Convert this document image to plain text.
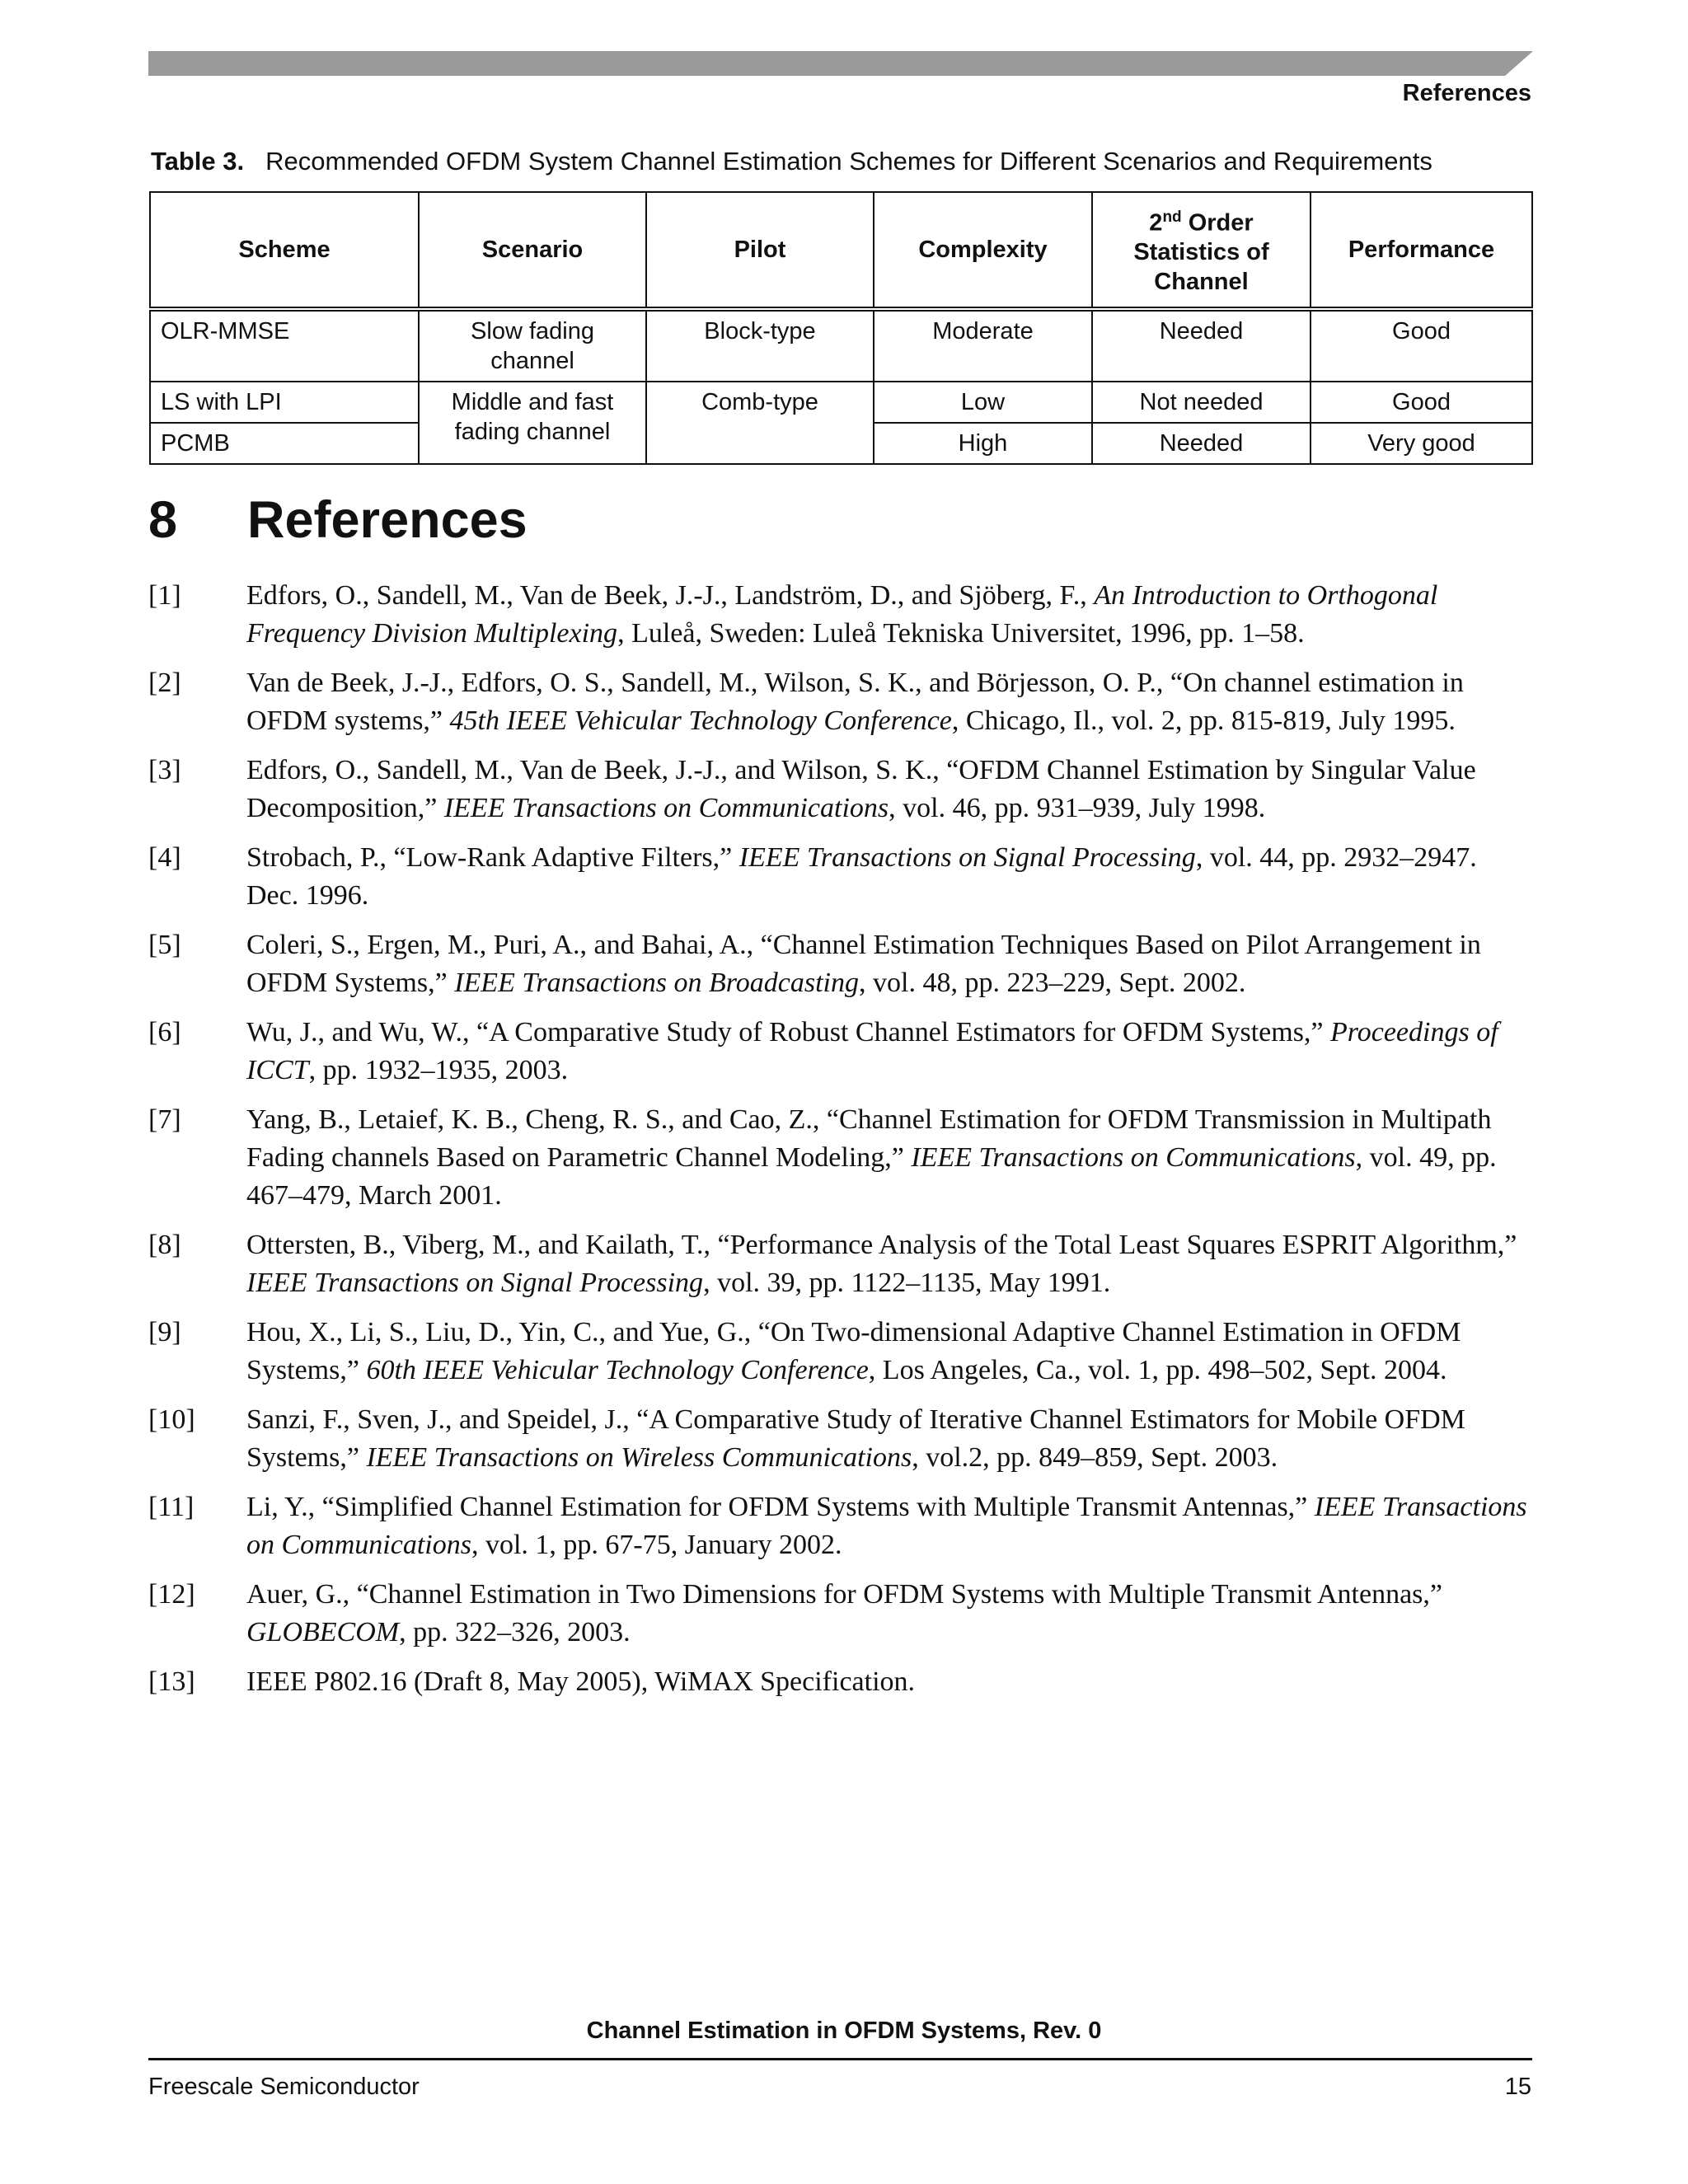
References
Table 3. Recommended OFDM System Channel Estimation Schemes for Different Scenarios and Requirements
Scheme	Scenario	Pilot	Complexity	2nd Order Statistics of Channel	Performance
OLR-MMSE	Slow fading channel	Block-type	Moderate	Needed	Good
LS with LPI	Middle and fast fading channel	Comb-type	Low	Not needed	Good
PCMB			High	Needed	Very good
8 References
[1] Edfors, O., Sandell, M., Van de Beek, J.-J., Landström, D., and Sjöberg, F., An Introduction to Orthogonal Frequency Division Multiplexing, Luleå, Sweden: Luleå Tekniska Universitet, 1996, pp. 1–58.
[2] Van de Beek, J.-J., Edfors, O. S., Sandell, M., Wilson, S. K., and Börjesson, O. P., “On channel estimation in OFDM systems,” 45th IEEE Vehicular Technology Conference, Chicago, Il., vol. 2, pp. 815-819, July 1995.
[3] Edfors, O., Sandell, M., Van de Beek, J.-J., and Wilson, S. K., “OFDM Channel Estimation by Singular Value Decomposition,” IEEE Transactions on Communications, vol. 46, pp. 931–939, July 1998.
[4] Strobach, P., “Low-Rank Adaptive Filters,” IEEE Transactions on Signal Processing, vol. 44, pp. 2932–2947. Dec. 1996.
[5] Coleri, S., Ergen, M., Puri, A., and Bahai, A., “Channel Estimation Techniques Based on Pilot Arrangement in OFDM Systems,” IEEE Transactions on Broadcasting, vol. 48, pp. 223–229, Sept. 2002.
[6] Wu, J., and Wu, W., “A Comparative Study of Robust Channel Estimators for OFDM Systems,” Proceedings of ICCT, pp. 1932–1935, 2003.
[7] Yang, B., Letaief, K. B., Cheng, R. S., and Cao, Z., “Channel Estimation for OFDM Transmission in Multipath Fading channels Based on Parametric Channel Modeling,” IEEE Transactions on Communications, vol. 49, pp. 467–479, March 2001.
[8] Ottersten, B., Viberg, M., and Kailath, T., “Performance Analysis of the Total Least Squares ESPRIT Algorithm,” IEEE Transactions on Signal Processing, vol. 39, pp. 1122–1135, May 1991.
[9] Hou, X., Li, S., Liu, D., Yin, C., and Yue, G., “On Two-dimensional Adaptive Channel Estimation in OFDM Systems,” 60th IEEE Vehicular Technology Conference, Los Angeles, Ca., vol. 1, pp. 498–502, Sept. 2004.
[10] Sanzi, F., Sven, J., and Speidel, J., “A Comparative Study of Iterative Channel Estimators for Mobile OFDM Systems,” IEEE Transactions on Wireless Communications, vol.2, pp. 849–859, Sept. 2003.
[11] Li, Y., “Simplified Channel Estimation for OFDM Systems with Multiple Transmit Antennas,” IEEE Transactions on Communications, vol. 1, pp. 67-75, January 2002.
[12] Auer, G., “Channel Estimation in Two Dimensions for OFDM Systems with Multiple Transmit Antennas,” GLOBECOM, pp. 322–326, 2003.
[13] IEEE P802.16 (Draft 8, May 2005), WiMAX Specification.
Channel Estimation in OFDM Systems, Rev. 0
Freescale Semiconductor	15
